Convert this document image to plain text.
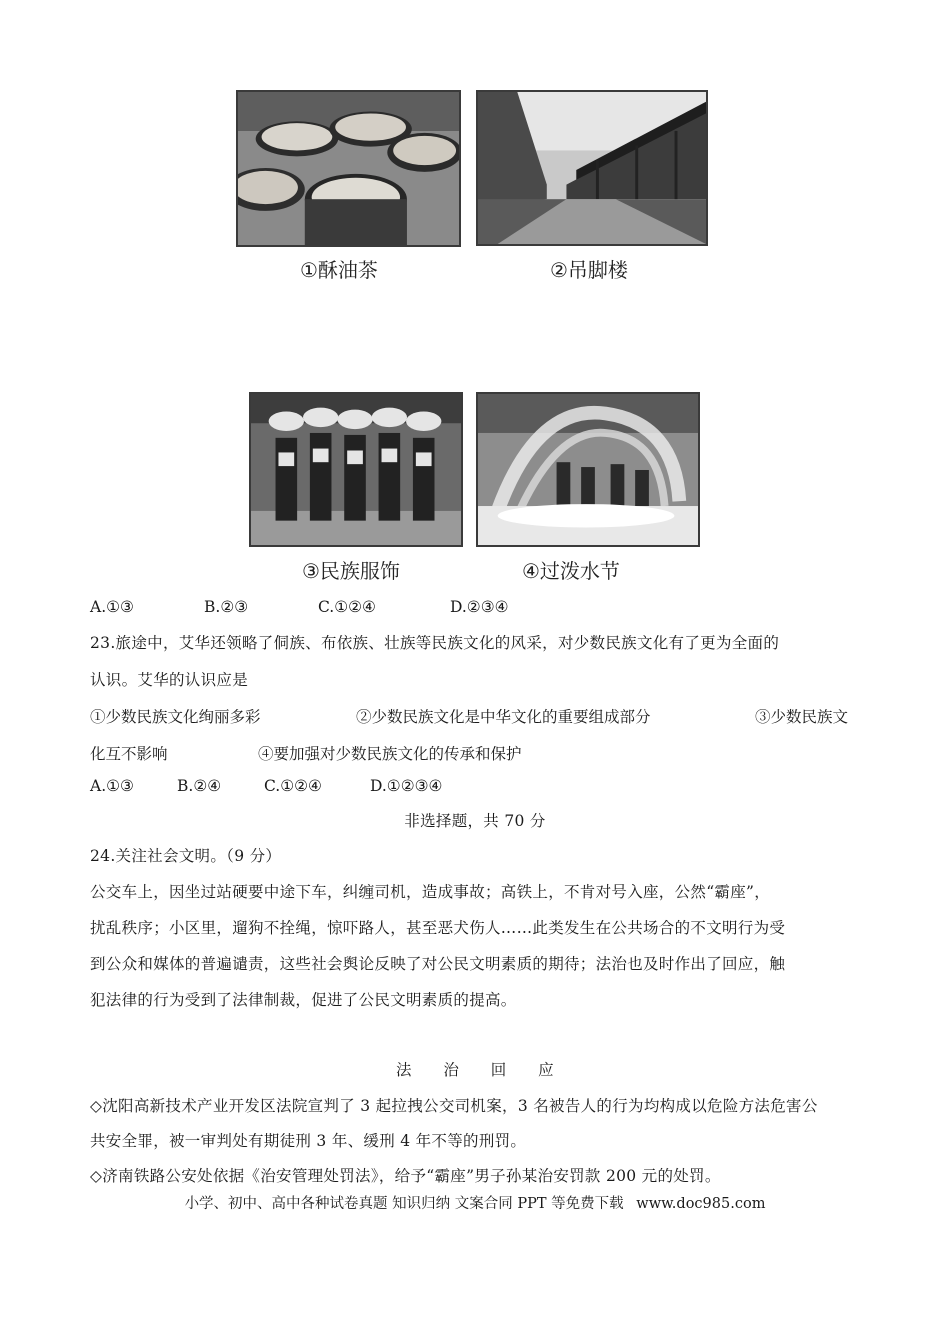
①酥油茶	②吊脚楼
③民族服饰	④过泼水节
A.①③	B.②③	C.①②④	D.②③④
23.旅途中，艾华还领略了侗族、布依族、壮族等民族文化的风采，对少数民族文化有了更为全面的
认识。艾华的认识应是
①少数民族文化绚丽多彩	②少数民族文化是中华文化的重要组成部分	③少数民族文
化互不影响	④要加强对少数民族文化的传承和保护
A.①③	B.②④	C.①②④	D.①②③④
非选择题，共 70 分
24.关注社会文明。（9 分）
公交车上，因坐过站硬要中途下车，纠缠司机，造成事故；高铁上，不肯对号入座，公然“霸座”，
扰乱秩序；小区里，遛狗不拴绳，惊吓路人，甚至恶犬伤人……此类发生在公共场合的不文明行为受
到公众和媒体的普遍谴责，这些社会舆论反映了对公民文明素质的期待；法治也及时作出了回应，触
犯法律的行为受到了法律制裁，促进了公民文明素质的提高。
法　　治　　回　　应
◇沈阳高新技术产业开发区法院宣判了 3 起拉拽公交司机案，3 名被告人的行为均构成以危险方法危害公
共安全罪，被一审判处有期徒刑 3 年、缓刑 4 年不等的刑罚。
◇济南铁路公安处依据《治安管理处罚法》，给予“霸座”男子孙某治安罚款 200 元的处罚。
小学、初中、高中各种试卷真题 知识归纳 文案合同 PPT 等免费下载 www.doc985.com
